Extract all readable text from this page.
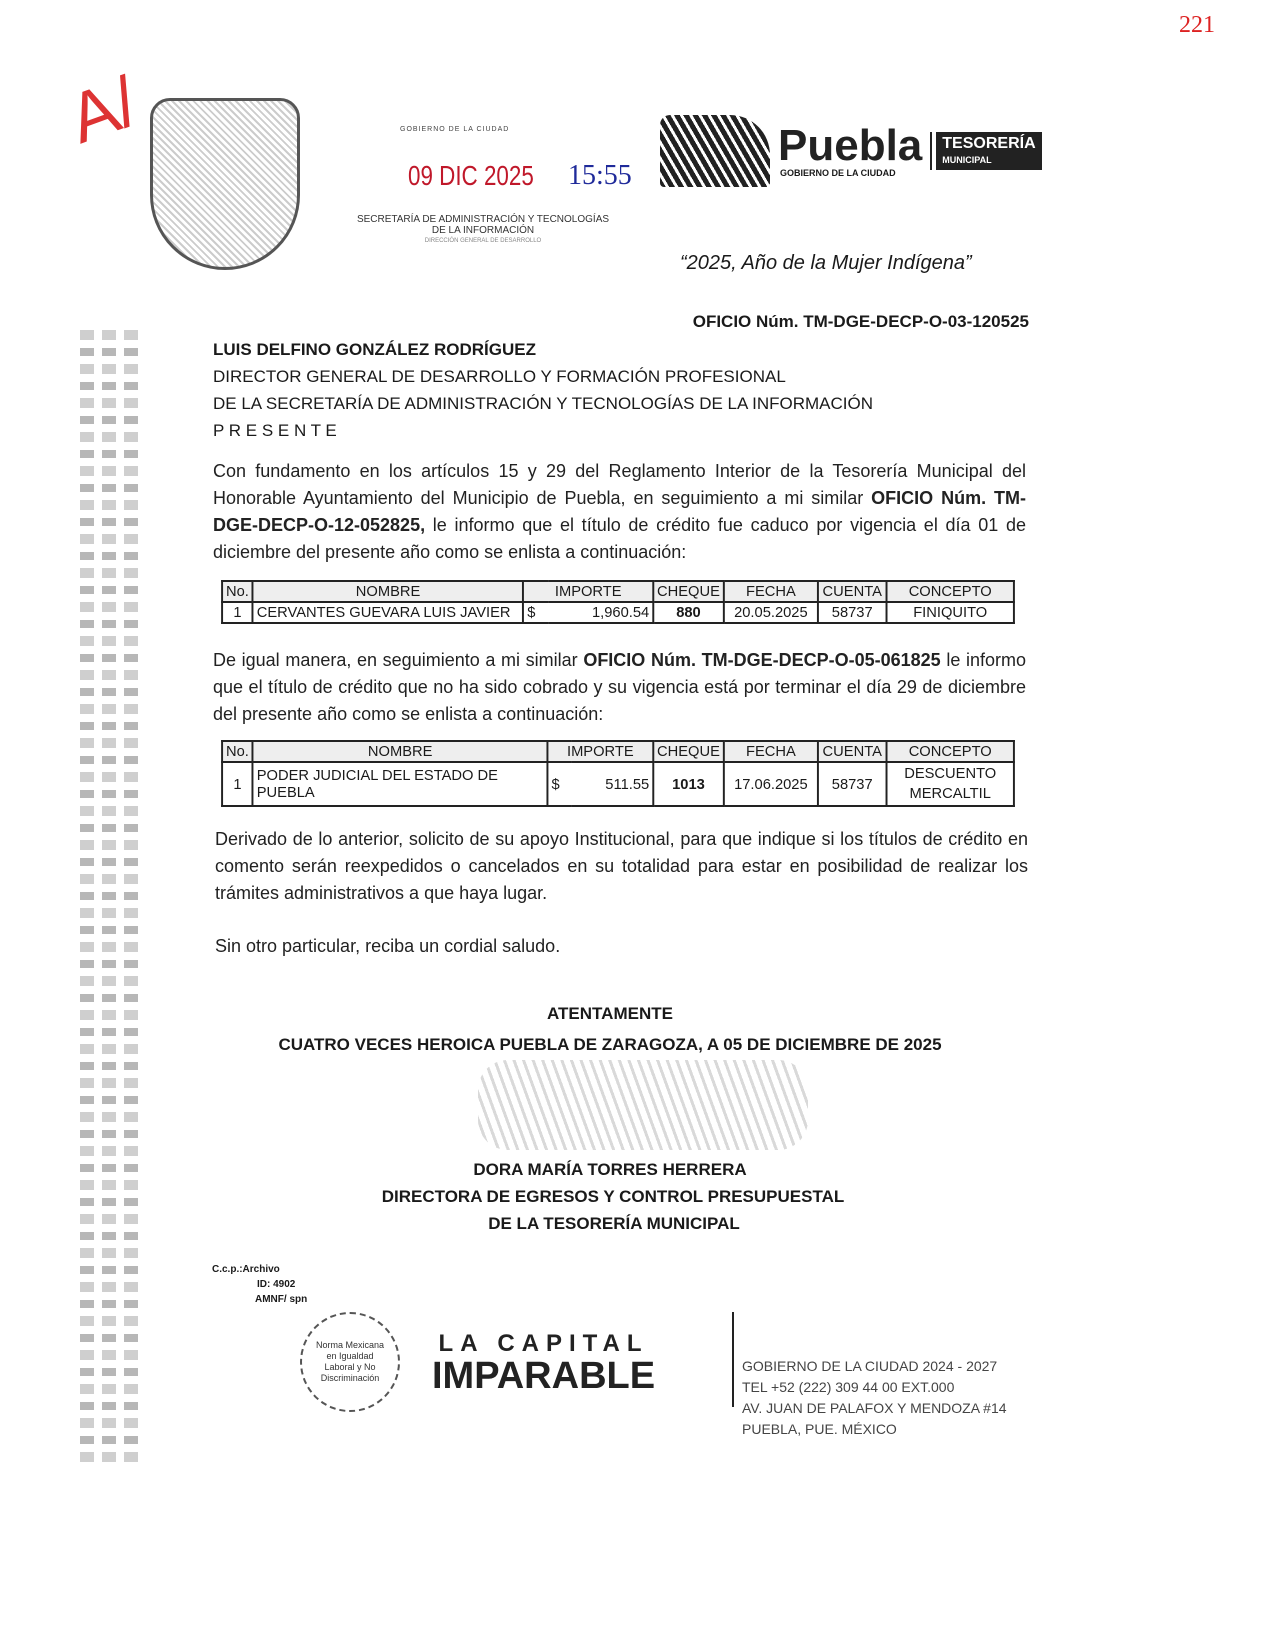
221
A/	GOBIERNO DE LA CIUDAD
09 DIC 2025 15:55
SECRETARÍA DE ADMINISTRACIÓN Y TECNOLOGÍAS
DE LA INFORMACIÓN
DIRECCIÓN GENERAL DE DESARROLLO
Puebla
GOBIERNO DE LA CIUDAD
TESORERÍA
MUNICIPAL
“2025, Año de la Mujer Indígena”
OFICIO Núm. TM-DGE-DECP-O-03-120525
LUIS DELFINO GONZÁLEZ RODRÍGUEZ
DIRECTOR GENERAL DE DESARROLLO Y FORMACIÓN PROFESIONAL
DE LA SECRETARÍA DE ADMINISTRACIÓN Y TECNOLOGÍAS DE LA INFORMACIÓN
P R E S E N T E
Con fundamento en los artículos 15 y 29 del Reglamento Interior de la Tesorería Municipal del Honorable Ayuntamiento del Municipio de Puebla, en seguimiento a mi similar OFICIO Núm. TM-DGE-DECP-O-12-052825, le informo que el título de crédito fue caduco por vigencia el día 01 de diciembre del presente año como se enlista a continuación:
No.	NOMBRE	IMPORTE		CHEQUE	FECHA	CUENTA	CONCEPTO
1	CERVANTES GUEVARA LUIS JAVIER	$	1,960.54	880	20.05.2025	58737	FINIQUITO
De igual manera, en seguimiento a mi similar OFICIO Núm. TM-DGE-DECP-O-05-061825 le informo que el título de crédito que no ha sido cobrado y su vigencia está por terminar el día 29 de diciembre del presente año como se enlista a continuación:
No.	NOMBRE	IMPORTE		CHEQUE	FECHA	CUENTA	CONCEPTO
1	PODER JUDICIAL DEL ESTADO DE PUEBLA	$	511.55	1013	17.06.2025	58737	DESCUENTO MERCALTIL
Derivado de lo anterior, solicito de su apoyo Institucional, para que indique si los títulos de crédito en comento serán reexpedidos o cancelados en su totalidad para estar en posibilidad de realizar los trámites administrativos a que haya lugar.
Sin otro particular, reciba un cordial saludo.
ATENTAMENTE
CUATRO VECES HEROICA PUEBLA DE ZARAGOZA, A 05 DE DICIEMBRE DE 2025
DORA MARÍA TORRES HERRERA
DIRECTORA DE EGRESOS Y CONTROL PRESUPUESTAL
DE LA TESORERÍA MUNICIPAL
C.c.p.:Archivo
ID: 4902
AMNF/ spn
Norma Mexicana en Igualdad Laboral y No Discriminación
LA CAPITAL
IMPARABLE	GOBIERNO DE LA CIUDAD 2024 - 2027
TEL +52 (222) 309 44 00 EXT.000
AV. JUAN DE PALAFOX Y MENDOZA #14
PUEBLA, PUE. MÉXICO
